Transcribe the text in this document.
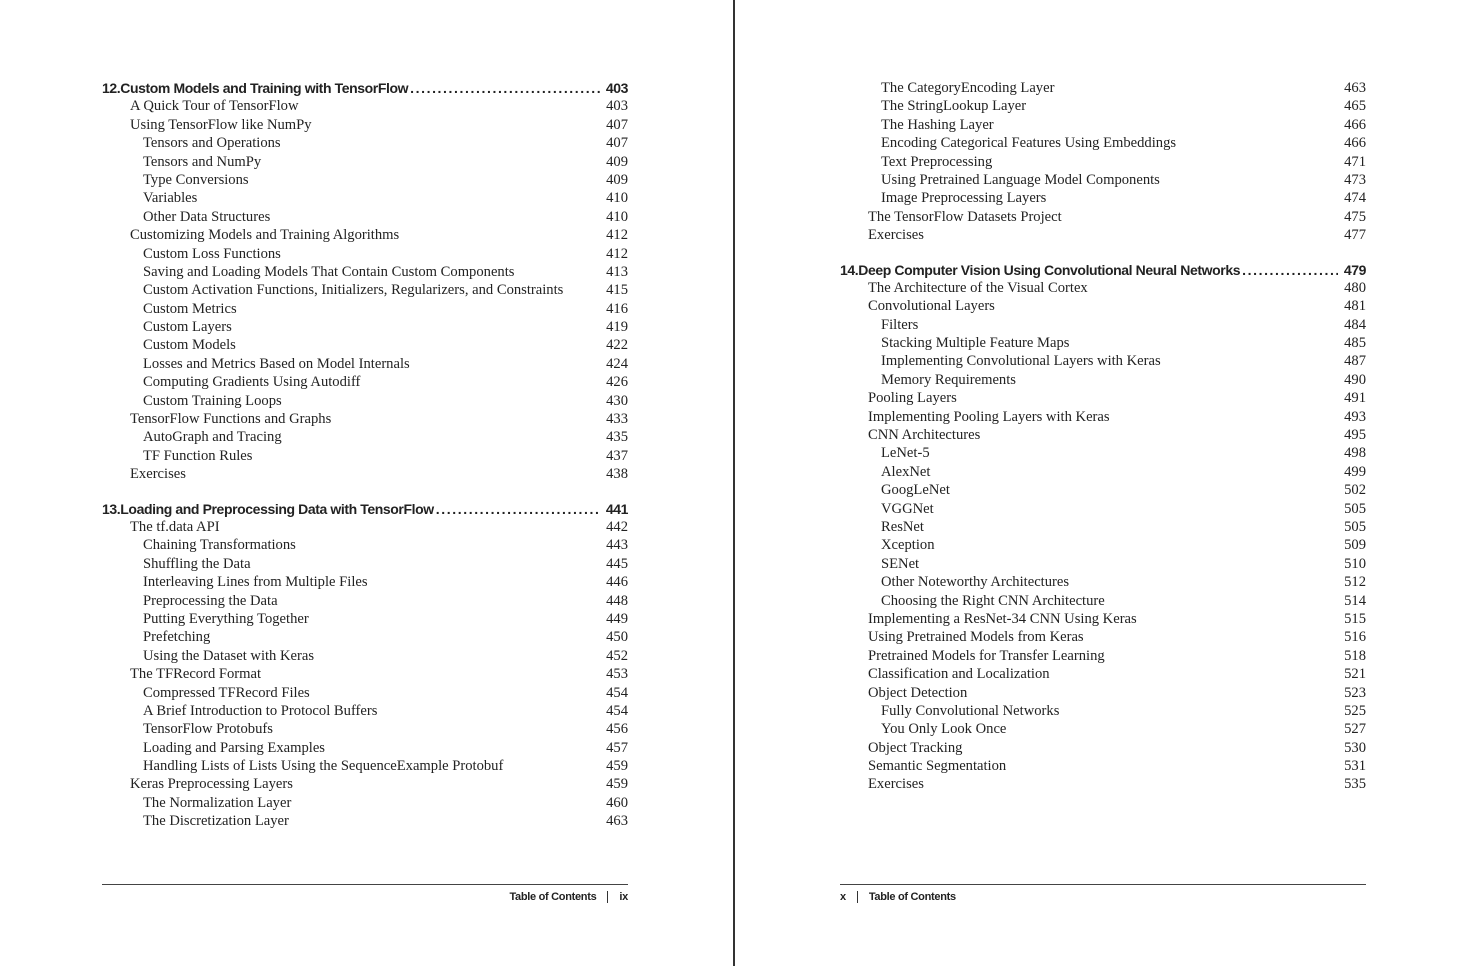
12. Custom Models and Training with TensorFlow .....	403
A Quick Tour of TensorFlow	403
Using TensorFlow like NumPy	407
Tensors and Operations	407
Tensors and NumPy	409
Type Conversions	409
Variables	410
Other Data Structures	410
Customizing Models and Training Algorithms	412
Custom Loss Functions	412
Saving and Loading Models That Contain Custom Components	413
Custom Activation Functions, Initializers, Regularizers, and Constraints	415
Custom Metrics	416
Custom Layers	419
Custom Models	422
Losses and Metrics Based on Model Internals	424
Computing Gradients Using Autodiff	426
Custom Training Loops	430
TensorFlow Functions and Graphs	433
AutoGraph and Tracing	435
TF Function Rules	437
Exercises	438
13. Loading and Preprocessing Data with TensorFlow .....	441
The tf.data API	442
Chaining Transformations	443
Shuffling the Data	445
Interleaving Lines from Multiple Files	446
Preprocessing the Data	448
Putting Everything Together	449
Prefetching	450
Using the Dataset with Keras	452
The TFRecord Format	453
Compressed TFRecord Files	454
A Brief Introduction to Protocol Buffers	454
TensorFlow Protobufs	456
Loading and Parsing Examples	457
Handling Lists of Lists Using the SequenceExample Protobuf	459
Keras Preprocessing Layers	459
The Normalization Layer	460
The Discretization Layer	463
Table of Contents ix
The CategoryEncoding Layer	463
The StringLookup Layer	465
The Hashing Layer	466
Encoding Categorical Features Using Embeddings	466
Text Preprocessing	471
Using Pretrained Language Model Components	473
Image Preprocessing Layers	474
The TensorFlow Datasets Project	475
Exercises	477
14. Deep Computer Vision Using Convolutional Neural Networks .....	479
The Architecture of the Visual Cortex	480
Convolutional Layers	481
Filters	484
Stacking Multiple Feature Maps	485
Implementing Convolutional Layers with Keras	487
Memory Requirements	490
Pooling Layers	491
Implementing Pooling Layers with Keras	493
CNN Architectures	495
LeNet-5	498
AlexNet	499
GoogLeNet	502
VGGNet	505
ResNet	505
Xception	509
SENet	510
Other Noteworthy Architectures	512
Choosing the Right CNN Architecture	514
Implementing a ResNet-34 CNN Using Keras	515
Using Pretrained Models from Keras	516
Pretrained Models for Transfer Learning	518
Classification and Localization	521
Object Detection	523
Fully Convolutional Networks	525
You Only Look Once	527
Object Tracking	530
Semantic Segmentation	531
Exercises	535
x Table of Contents
